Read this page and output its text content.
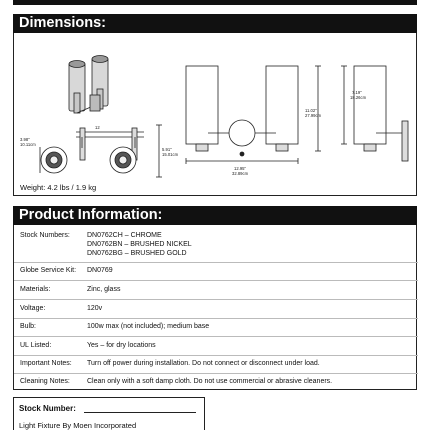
Dimensions:
12
3.98"
10.11cm
5.91"
15.01cm
12.95"
32.89cm
11.02"
27.99cm
7.19"
18.26cm
Weight: 4.2 lbs / 1.9 kg
Product Information:
Stock Numbers:	DN0762CH – CHROME
DN0762BN – BRUSHED NICKEL
DN0762BG – BRUSHED GOLD
Globe Service Kit:	DN0769
Materials:	Zinc, glass
Voltage:	120v
Bulb:	100w max (not included); medium base
UL Listed:	Yes – for dry locations
Important Notes:	Turn off power during installation. Do not connect or disconnect under load.
Cleaning Notes:	Clean only with a soft damp cloth. Do not use commercial or abrasive cleaners.
Stock Number:
Light Fixture By Moen Incorporated
